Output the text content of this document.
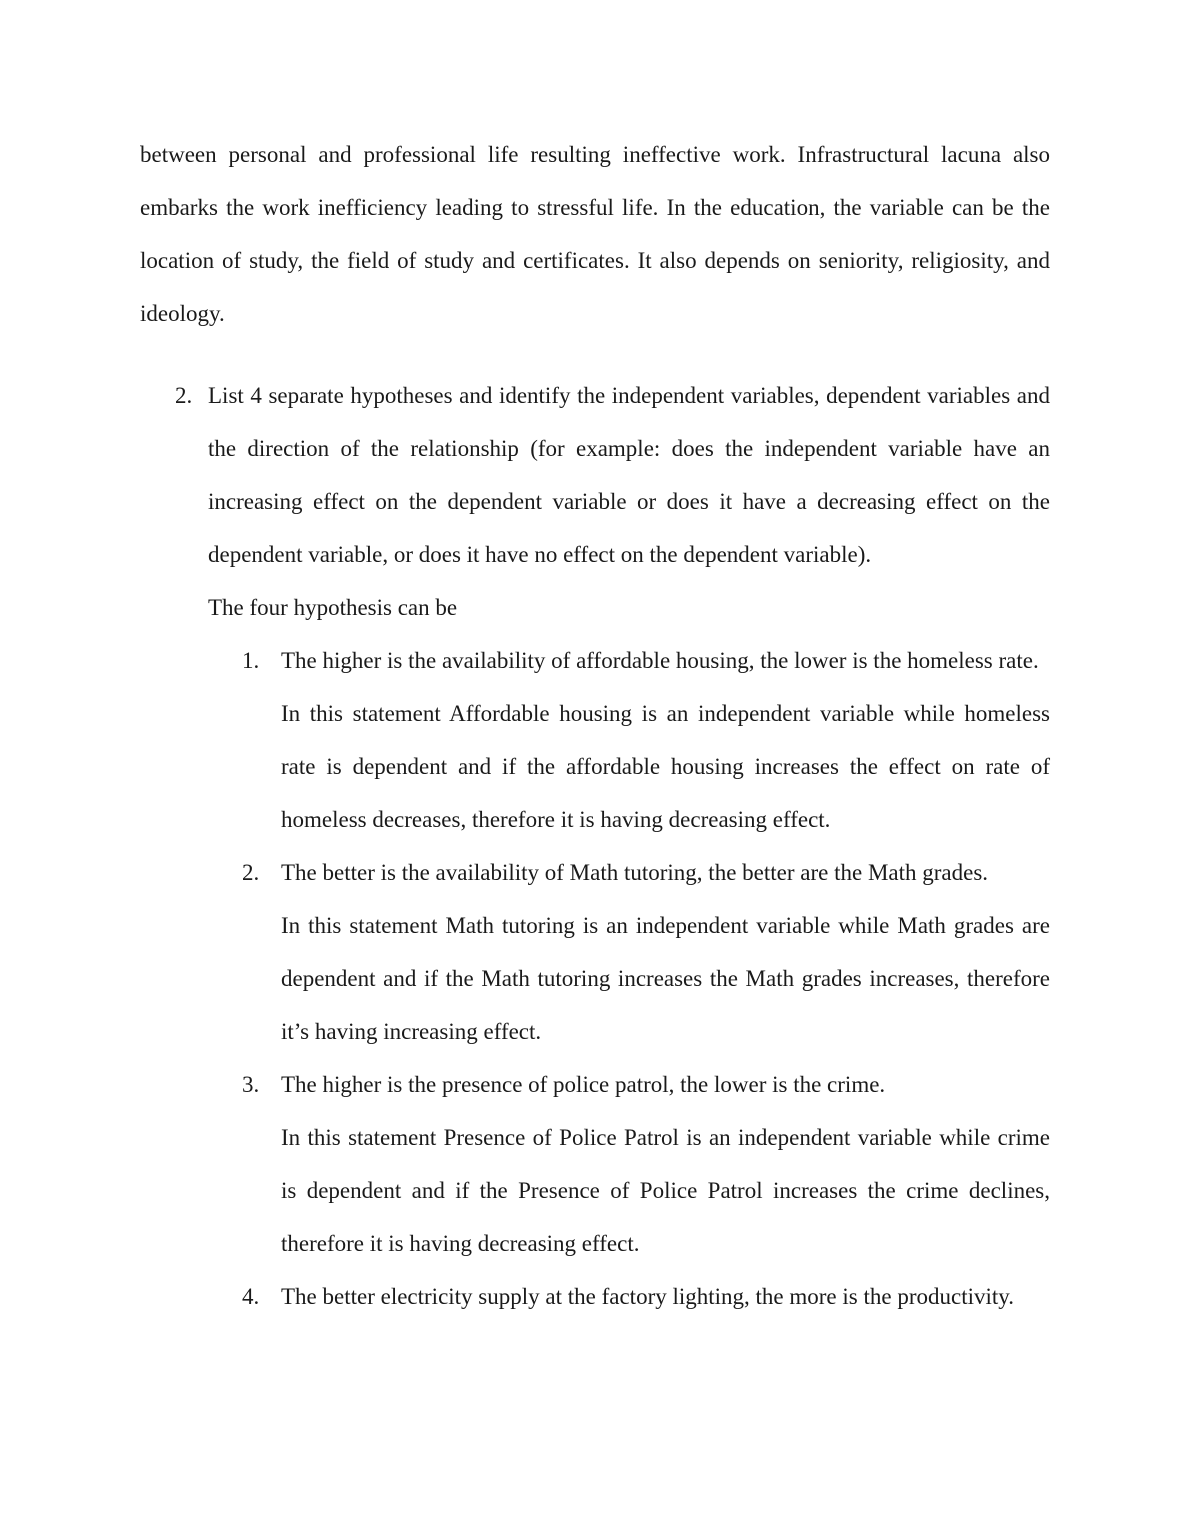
between personal and professional life resulting ineffective work. Infrastructural lacuna also embarks the work inefficiency leading to stressful life. In the education, the variable can be the location of study, the field of study and certificates. It also depends on seniority, religiosity, and ideology.

2. List 4 separate hypotheses and identify the independent variables, dependent variables and the direction of the relationship (for example: does the independent variable have an increasing effect on the dependent variable or does it have a decreasing effect on the dependent variable, or does it have no effect on the dependent variable).

The four hypothesis can be

1. The higher is the availability of affordable housing, the lower is the homeless rate.

In this statement Affordable housing is an independent variable while homeless rate is dependent and if the affordable housing increases the effect on rate of homeless decreases, therefore it is having decreasing effect.

2. The better is the availability of Math tutoring, the better are the Math grades.

In this statement Math tutoring is an independent variable while Math grades are dependent and if the Math tutoring increases the Math grades increases, therefore it’s having increasing effect.

3. The higher is the presence of police patrol, the lower is the crime.

In this statement Presence of Police Patrol is an independent variable while crime is dependent and if the Presence of Police Patrol increases the crime declines, therefore it is having decreasing effect.

4. The better electricity supply at the factory lighting, the more is the productivity.
